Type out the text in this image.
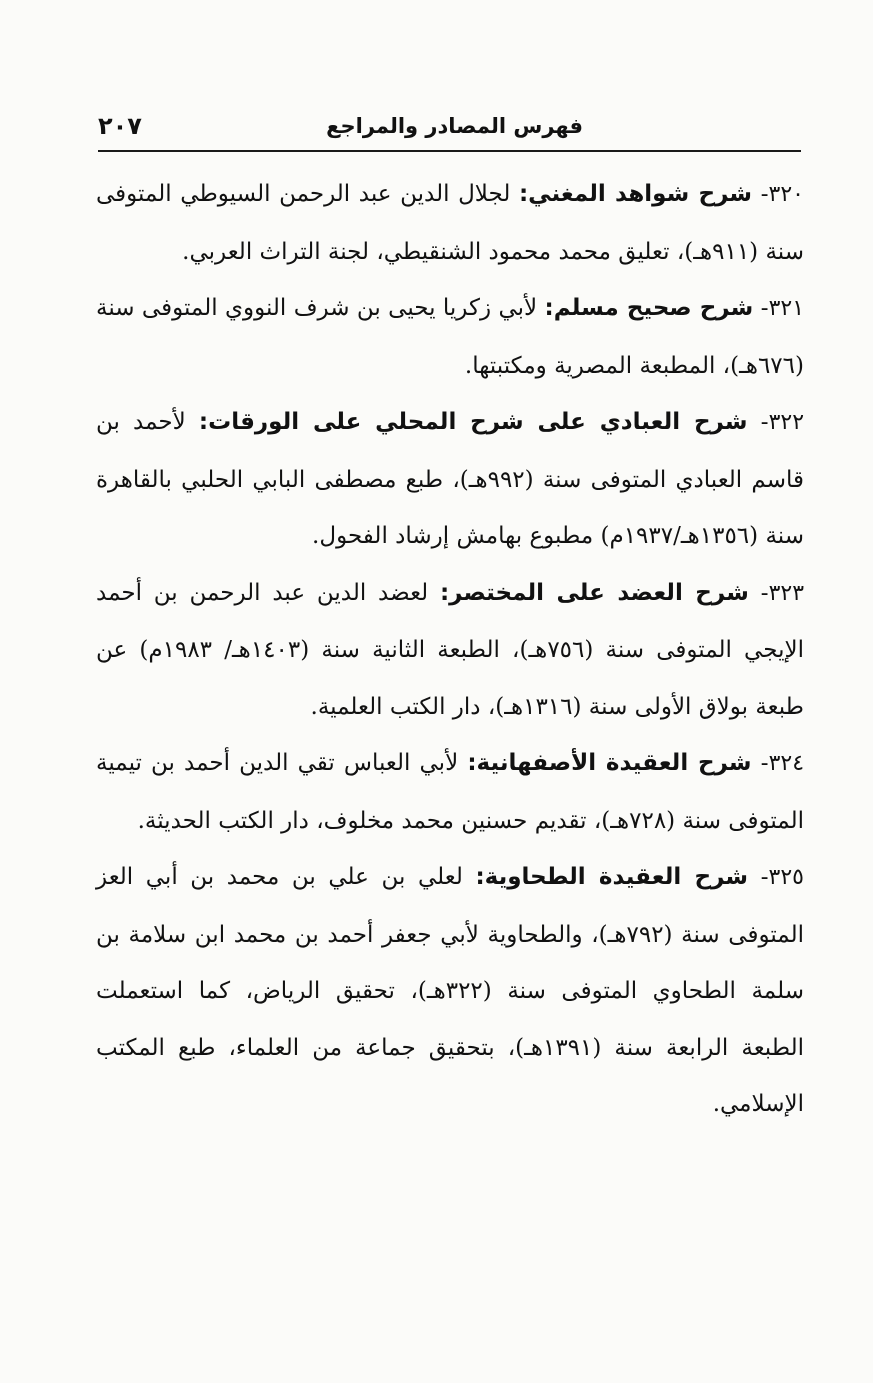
فهرس المصادر والمراجع
٢٠٧

٣٢٠- شرح شواهد المغني: لجلال الدين عبد الرحمن السيوطي المتوفى سنة (٩١١هـ)، تعليق محمد محمود الشنقيطي، لجنة التراث العربي.

٣٢١- شرح صحيح مسلم: لأبي زكريا يحيى بن شرف النووي المتوفى سنة (٦٧٦هـ)، المطبعة المصرية ومكتبتها.

٣٢٢- شرح العبادي على شرح المحلي على الورقات: لأحمد بن قاسم العبادي المتوفى سنة (٩٩٢هـ)، طبع مصطفى البابي الحلبي بالقاهرة سنة (١٣٥٦هـ/١٩٣٧م) مطبوع بهامش إرشاد الفحول.

٣٢٣- شرح العضد على المختصر: لعضد الدين عبد الرحمن بن أحمد الإيجي المتوفى سنة (٧٥٦هـ)، الطبعة الثانية سنة (١٤٠٣هـ/ ١٩٨٣م) عن طبعة بولاق الأولى سنة (١٣١٦هـ)، دار الكتب العلمية.

٣٢٤- شرح العقيدة الأصفهانية: لأبي العباس تقي الدين أحمد بن تيمية المتوفى سنة (٧٢٨هـ)، تقديم حسنين محمد مخلوف، دار الكتب الحديثة.

٣٢٥- شرح العقيدة الطحاوية: لعلي بن علي بن محمد بن أبي العز المتوفى سنة (٧٩٢هـ)، والطحاوية لأبي جعفر أحمد بن محمد ابن سلامة بن سلمة الطحاوي المتوفى سنة (٣٢٢هـ)، تحقيق الرياض، كما استعملت الطبعة الرابعة سنة (١٣٩١هـ)، بتحقيق جماعة من العلماء، طبع المكتب الإسلامي.
